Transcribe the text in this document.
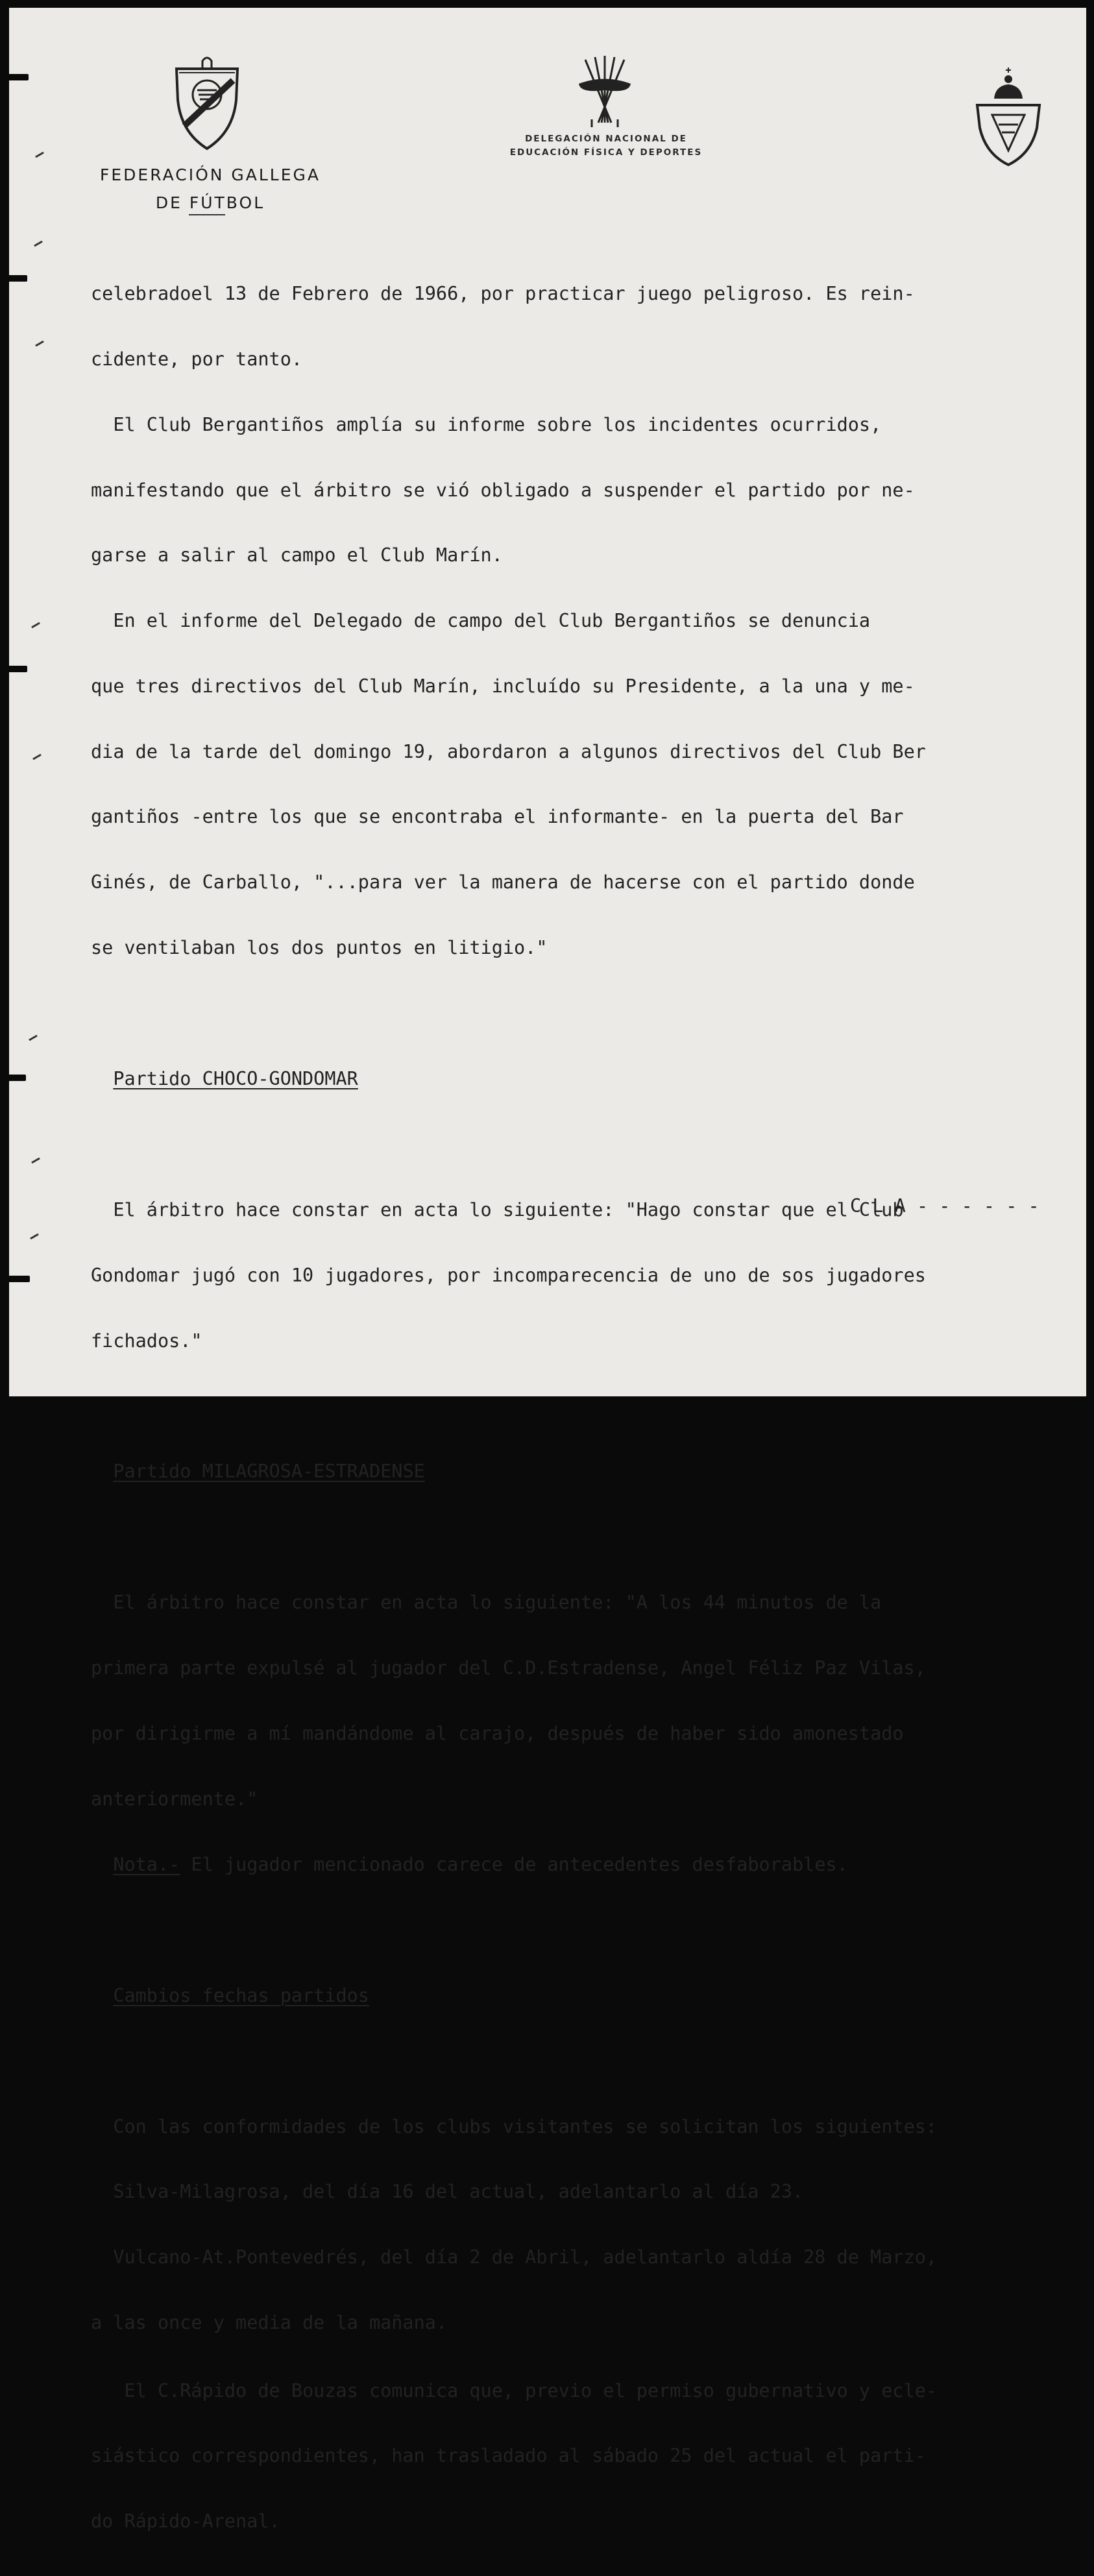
FEDERACIÓN GALLEGA
DE FÚTBOL
DELEGACIÓN NACIONAL DE
EDUCACIÓN FÍSICA Y DEPORTES

celebradoel 13 de Febrero de 1966, por practicar juego peligroso. Es rein-

cidente, por tanto.

El Club Bergantiños amplía su informe sobre los incidentes ocurridos,

manifestando que el árbitro se vió obligado a suspender el partido por ne-

garse a salir al campo el Club Marín.

En el informe del Delegado de campo del Club Bergantiños se denuncia

que tres directivos del Club Marín, incluído su Presidente, a la una y me-

dia de la tarde del domingo 19, abordaron a algunos directivos del Club Ber

gantiños -entre los que se encontraba el informante- en la puerta del Bar

Ginés, de Carballo, "...para ver la manera de hacerse con el partido donde

se ventilaban los dos puntos en litigio."

Partido CHOCO-GONDOMAR

El árbitro hace constar en acta lo siguiente: "Hago constar que el Club

Gondomar jugó con 10 jugadores, por incomparecencia de uno de sos jugadores

fichados."

Partido MILAGROSA-ESTRADENSE

El árbitro hace constar en acta lo siguiente: "A los 44 minutos de la

primera parte expulsé al jugador del C.D.Estradense, Angel Féliz Paz Vilas,

por dirigirme a mí mandándome al carajo, después de haber sido amonestado

anteriormente."

Nota.- El jugador mencionado carece de antecedentes desfaborables.

Cambios fechas partidos

Con las conformidades de los clubs visitantes se solicitan los siguientes:

Silva-Milagrosa, del día 16 del actual, adelantarlo al día 23.

Vulcano-At.Pontevedrés, del día 2 de Abril, adelantarlo aldía 28 de Marzo,

a las once y media de la mañana.

El C.Rápido de Bouzas comunica que, previo el permiso gubernativo y ecle-

siástico correspondientes, han trasladado al sábado 25 del actual el parti-

do Rápido-Arenal.

C L A - - - - - -
